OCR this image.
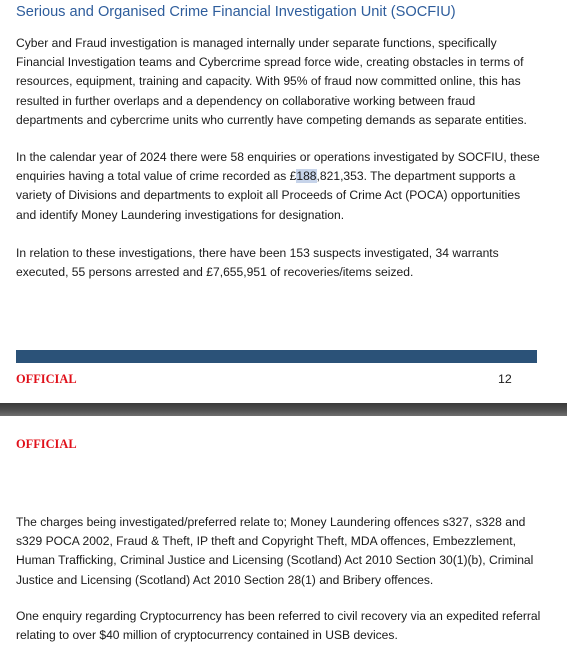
Serious and Organised Crime Financial Investigation Unit (SOCFIU)

Cyber and Fraud investigation is managed internally under separate functions, specifically Financial Investigation teams and Cybercrime spread force wide, creating obstacles in terms of resources, equipment, training and capacity. With 95% of fraud now committed online, this has resulted in further overlaps and a dependency on collaborative working between fraud departments and cybercrime units who currently have competing demands as separate entities.

In the calendar year of 2024 there were 58 enquiries or operations investigated by SOCFIU, these enquiries having a total value of crime recorded as £188,821,353. The department supports a variety of Divisions and departments to exploit all Proceeds of Crime Act (POCA) opportunities and identify Money Laundering investigations for designation.

In relation to these investigations, there have been 153 suspects investigated, 34 warrants executed, 55 persons arrested and £7,655,951 of recoveries/items seized.

OFFICIAL	12
OFFICIAL

The charges being investigated/preferred relate to; Money Laundering offences s327, s328 and s329 POCA 2002, Fraud & Theft, IP theft and Copyright Theft, MDA offences, Embezzlement, Human Trafficking, Criminal Justice and Licensing (Scotland) Act 2010 Section 30(1)(b), Criminal Justice and Licensing (Scotland) Act 2010 Section 28(1) and Bribery offences.

One enquiry regarding Cryptocurrency has been referred to civil recovery via an expedited referral relating to over $40 million of cryptocurrency contained in USB devices.
